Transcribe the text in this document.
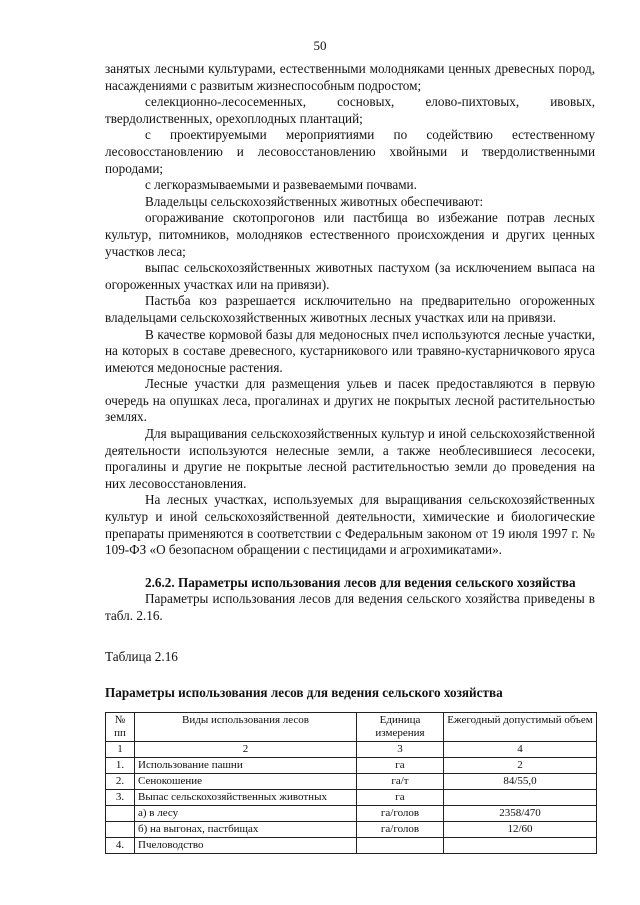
50

занятых лесными культурами, естественными молодняками ценных древесных пород, насаждениями с развитым жизнеспособным подростом;

селекционно-лесосеменных, сосновых, елово-пихтовых, ивовых, твердолиственных, орехоплодных плантаций;

с проектируемыми мероприятиями по содействию естественному лесовосстановлению и лесовосстановлению хвойными и твердолиственными породами;

с легкоразмываемыми и развеваемыми почвами.

Владельцы сельскохозяйственных животных обеспечивают:

огораживание скотопрогонов или пастбища во избежание потрав лесных культур, питомников, молодняков естественного происхождения и других ценных участков леса;

выпас сельскохозяйственных животных пастухом (за исключением выпаса на огороженных участках или на привязи).

Пастьба коз разрешается исключительно на предварительно огороженных владельцами сельскохозяйственных животных лесных участках или на привязи.

В качестве кормовой базы для медоносных пчел используются лесные участки, на которых в составе древесного, кустарникового или травяно-кустарничкового яруса имеются медоносные растения.

Лесные участки для размещения ульев и пасек предоставляются в первую очередь на опушках леса, прогалинах и других не покрытых лесной растительностью землях.

Для выращивания сельскохозяйственных культур и иной сельскохозяйственной деятельности используются нелесные земли, а также необлесившиеся лесосеки, прогалины и другие не покрытые лесной растительностью земли до проведения на них лесовосстановления.

На лесных участках, используемых для выращивания сельскохозяйственных культур и иной сельскохозяйственной деятельности, химические и биологические препараты применяются в соответствии с Федеральным законом от 19 июля 1997 г. № 109-ФЗ «О безопасном обращении с пестицидами и агрохимикатами».

2.6.2. Параметры использования лесов для ведения сельского хозяйства

Параметры использования лесов для ведения сельского хозяйства приведены в табл. 2.16.

Таблица 2.16

Параметры использования лесов для ведения сельского хозяйства

№ пп	Виды использования лесов	Единица измерения	Ежегодный допустимый объем
1	2	3	4
1.	Использование пашни	га	2
2.	Сенокошение	га/т	84/55,0
3.	Выпас сельскохозяйственных животных	га	
	а) в лесу	га/голов	2358/470
	б) на выгонах, пастбищах	га/голов	12/60
4.	Пчеловодство		
